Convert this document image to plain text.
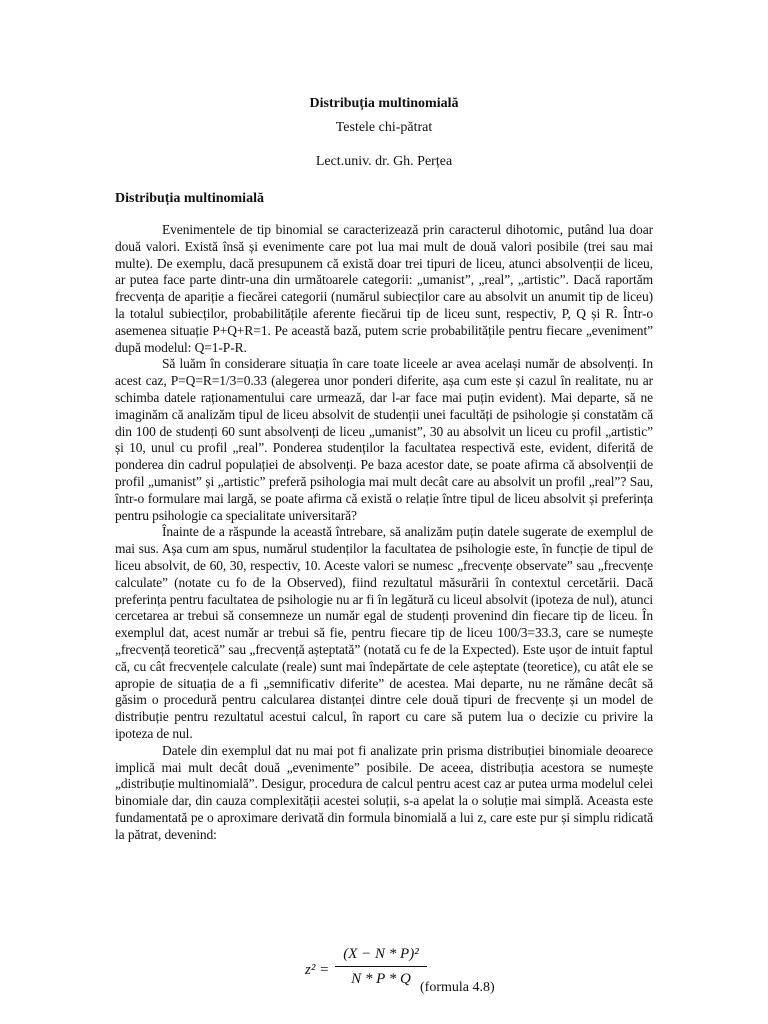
Distribuția multinomială
Testele chi-pătrat
Lect.univ. dr. Gh. Perțea
Distribuția multinomială

Evenimentele de tip binomial se caracterizează prin caracterul dihotomic, putând lua doar două valori. Există însă și evenimente care pot lua mai mult de două valori posibile (trei sau mai multe). De exemplu, dacă presupunem că există doar trei tipuri de liceu, atunci absolvenții de liceu, ar putea face parte dintr-una din următoarele categorii: „umanist”, „real”, „artistic”. Dacă raportăm frecvența de apariție a fiecărei categorii (numărul subiecților care au absolvit un anumit tip de liceu) la totalul subiecților, probabilitățile aferente fiecărui tip de liceu sunt, respectiv, P, Q și R. Într-o asemenea situație P+Q+R=1. Pe această bază, putem scrie probabilitățile pentru fiecare „eveniment” după modelul: Q=1-P-R.

Să luăm în considerare situația în care toate liceele ar avea același număr de absolvenți. In acest caz, P=Q=R=1/3=0.33 (alegerea unor ponderi diferite, așa cum este și cazul în realitate, nu ar schimba datele raționamentului care urmează, dar l-ar face mai puțin evident). Mai departe, să ne imaginăm că analizăm tipul de liceu absolvit de studenții unei facultăți de psihologie și constatăm că din 100 de studenți 60 sunt absolvenți de liceu „umanist”, 30 au absolvit un liceu cu profil „artistic” și 10, unul cu profil „real”. Ponderea studenților la facultatea respectivă este, evident, diferită de ponderea din cadrul populației de absolvenți. Pe baza acestor date, se poate afirma că absolvenții de profil „umanist” și „artistic” preferă psihologia mai mult decât care au absolvit un profil „real”? Sau, într-o formulare mai largă, se poate afirma că există o relație între tipul de liceu absolvit și preferința pentru psihologie ca specialitate universitară?

Înainte de a răspunde la această întrebare, să analizăm puțin datele sugerate de exemplul de mai sus. Așa cum am spus, numărul studenților la facultatea de psihologie este, în funcție de tipul de liceu absolvit, de 60, 30, respectiv, 10. Aceste valori se numesc „frecvențe observate” sau „frecvențe calculate” (notate cu fo de la Observed), fiind rezultatul măsurării în contextul cercetării. Dacă preferința pentru facultatea de psihologie nu ar fi în legătură cu liceul absolvit (ipoteza de nul), atunci cercetarea ar trebui să consemneze un număr egal de studenți provenind din fiecare tip de liceu. În exemplul dat, acest număr ar trebui să fie, pentru fiecare tip de liceu 100/3=33.3, care se numește „frecvență teoretică” sau „frecvență așteptată” (notată cu fe de la Expected). Este ușor de intuit faptul că, cu cât frecvențele calculate (reale) sunt mai îndepărtate de cele așteptate (teoretice), cu atât ele se apropie de situația de a fi „semnificativ diferite” de acestea. Mai departe, nu ne rămâne decât să găsim o procedură pentru calcularea distanței dintre cele două tipuri de frecvențe și un model de distribuție pentru rezultatul acestui calcul, în raport cu care să putem lua o decizie cu privire la ipoteza de nul.

Datele din exemplul dat nu mai pot fi analizate prin prisma distribuției binomiale deoarece implică mai mult decât două „evenimente” posibile. De aceea, distribuția acestora se numește „distribuție multinomială”. Desigur, procedura de calcul pentru acest caz ar putea urma modelul celei binomiale dar, din cauza complexității acestei soluții, s-a apelat la o soluție mai simplă. Aceasta este fundamentată pe o aproximare derivată din formula binomială a lui z, care este pur și simplu ridicată la pătrat, devenind:

$z^2 = \frac{\text{(X − N * P)²}}{N * P * Q}$
(formula 4.8)
